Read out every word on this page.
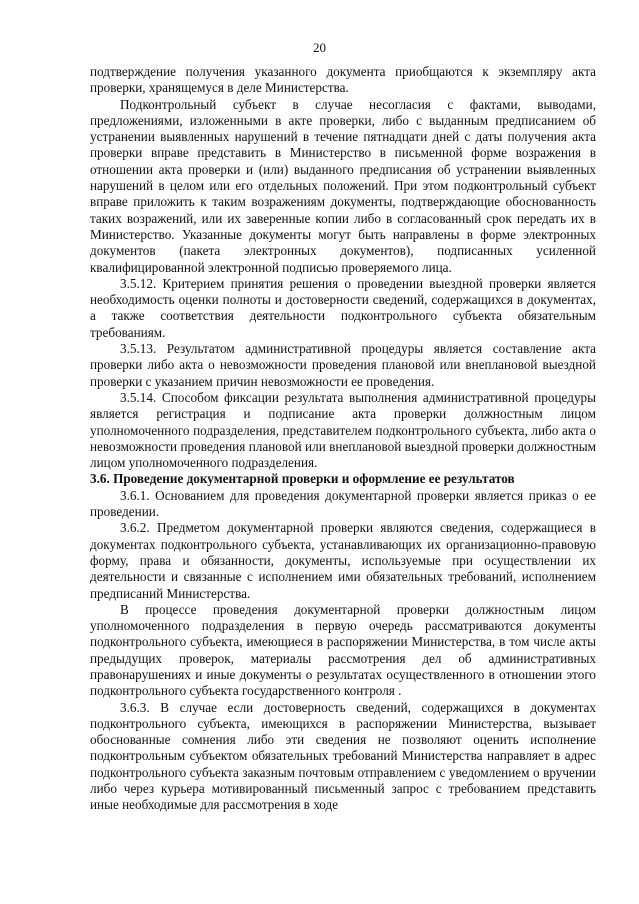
20

подтверждение получения указанного документа приобщаются к экземпляру акта проверки, хранящемуся в деле Министерства.

Подконтрольный субъект в случае несогласия с фактами, выводами, предложениями, изложенными в акте проверки, либо с выданным предписанием об устранении выявленных нарушений в течение пятнадцати дней с даты получения акта проверки вправе представить в Министерство в письменной форме возражения в отношении акта проверки и (или) выданного предписания об устранении выявленных нарушений в целом или его отдельных положений. При этом подконтрольный субъект вправе приложить к таким возражениям документы, подтверждающие обоснованность таких возражений, или их заверенные копии либо в согласованный срок передать их в Министерство. Указанные документы могут быть направлены в форме электронных документов (пакета электронных документов), подписанных усиленной квалифицированной электронной подписью проверяемого лица.

3.5.12. Критерием принятия решения о проведении выездной проверки является необходимость оценки полноты и достоверности сведений, содержащихся в документах, а также соответствия деятельности подконтрольного субъекта обязательным требованиям.

3.5.13. Результатом административной процедуры является составление акта проверки либо акта о невозможности проведения плановой или внеплановой выездной проверки с указанием причин невозможности ее проведения.

3.5.14. Способом фиксации результата выполнения административной процедуры является регистрация и подписание акта проверки должностным лицом уполномоченного подразделения, представителем подконтрольного субъекта, либо акта о невозможности проведения плановой или внеплановой выездной проверки должностным лицом уполномоченного подразделения.

3.6. Проведение документарной проверки и оформление ее результатов

3.6.1. Основанием для проведения документарной проверки является приказ о ее проведении.

3.6.2. Предметом документарной проверки являются сведения, содержащиеся в документах подконтрольного субъекта, устанавливающих их организационно-правовую форму, права и обязанности, документы, используемые при осуществлении их деятельности и связанные с исполнением ими обязательных требований, исполнением предписаний Министерства.

В процессе проведения документарной проверки должностным лицом уполномоченного подразделения в первую очередь рассматриваются документы подконтрольного субъекта, имеющиеся в распоряжении Министерства, в том числе акты предыдущих проверок, материалы рассмотрения дел об административных правонарушениях и иные документы о результатах осуществленного в отношении этого подконтрольного субъекта государственного контроля .

3.6.3. В случае если достоверность сведений, содержащихся в документах подконтрольного субъекта, имеющихся в распоряжении Министерства, вызывает обоснованные сомнения либо эти сведения не позволяют оценить исполнение подконтрольным субъектом обязательных требований Министерства направляет в адрес подконтрольного субъекта заказным почтовым отправлением с уведомлением о вручении либо через курьера мотивированный письменный запрос с требованием представить иные необходимые для рассмотрения в ходе
